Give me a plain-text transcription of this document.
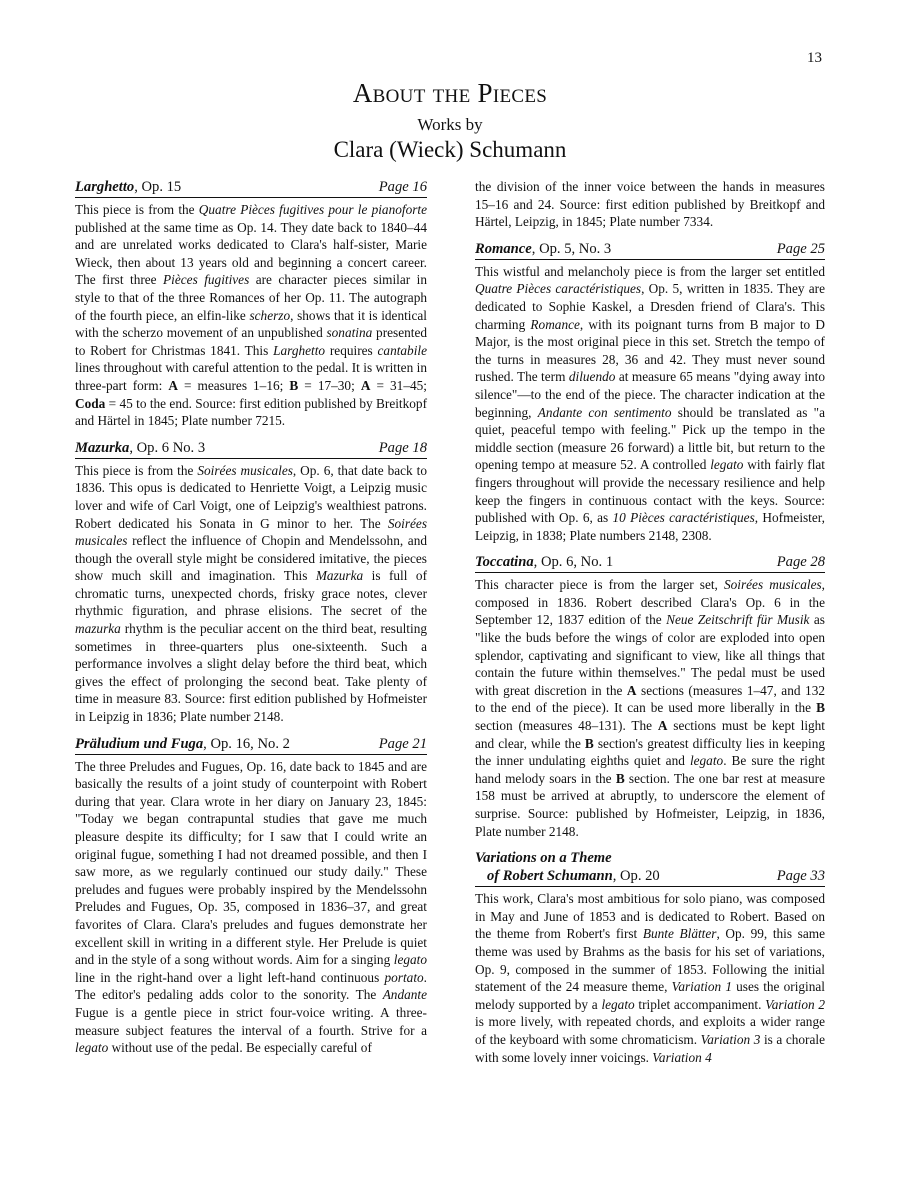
13
About the Pieces

Works by

Clara (Wieck) Schumann

Larghetto, Op. 15	Page 16

This piece is from the Quatre Pièces fugitives pour le pianoforte published at the same time as Op. 14. They date back to 1840–44 and are unrelated works dedicated to Clara's half-sister, Marie Wieck, then about 13 years old and beginning a concert career. The first three Pièces fugitives are character pieces similar in style to that of the three Romances of her Op. 11. The autograph of the fourth piece, an elfin-like scherzo, shows that it is identical with the scherzo movement of an unpublished sonatina presented to Robert for Christmas 1841. This Larghetto requires cantabile lines throughout with careful attention to the pedal. It is written in three-part form: A = measures 1–16; B = 17–30; A = 31–45; Coda = 45 to the end. Source: first edition published by Breitkopf and Härtel in 1845; Plate number 7215.

Mazurka, Op. 6 No. 3	Page 18

This piece is from the Soirées musicales, Op. 6, that date back to 1836. This opus is dedicated to Henriette Voigt, a Leipzig music lover and wife of Carl Voigt, one of Leipzig's wealthiest patrons. Robert dedicated his Sonata in G minor to her. The Soirées musicales reflect the influence of Chopin and Mendelssohn, and though the overall style might be considered imitative, the pieces show much skill and imagination. This Mazurka is full of chromatic turns, unexpected chords, frisky grace notes, clever rhythmic figuration, and phrase elisions. The secret of the mazurka rhythm is the peculiar accent on the third beat, resulting sometimes in three-quarters plus one-sixteenth. Such a performance involves a slight delay before the third beat, which gives the effect of prolonging the second beat. Take plenty of time in measure 83. Source: first edition published by Hofmeister in Leipzig in 1836; Plate number 2148.

Präludium und Fuga, Op. 16, No. 2	Page 21

The three Preludes and Fugues, Op. 16, date back to 1845 and are basically the results of a joint study of counterpoint with Robert during that year. Clara wrote in her diary on January 23, 1845: "Today we began contrapuntal studies that gave me much pleasure despite its difficulty; for I saw that I could write an original fugue, something I had not dreamed possible, and then I saw more, as we regularly continued our study daily." These preludes and fugues were probably inspired by the Mendelssohn Preludes and Fugues, Op. 35, composed in 1836–37, and great favorites of Clara. Clara's preludes and fugues demonstrate her excellent skill in writing in a different style. Her Prelude is quiet and in the style of a song without words. Aim for a singing legato line in the right-hand over a light left-hand continuous portato. The editor's pedaling adds color to the sonority. The Andante Fugue is a gentle piece in strict four-voice writing. A three-measure subject features the interval of a fourth. Strive for a legato without use of the pedal. Be especially careful of

the division of the inner voice between the hands in measures 15–16 and 24. Source: first edition published by Breitkopf and Härtel, Leipzig, in 1845; Plate number 7334.

Romance, Op. 5, No. 3	Page 25

This wistful and melancholy piece is from the larger set entitled Quatre Pièces caractéristiques, Op. 5, written in 1835. They are dedicated to Sophie Kaskel, a Dresden friend of Clara's. This charming Romance, with its poignant turns from B major to D Major, is the most original piece in this set. Stretch the tempo of the turns in measures 28, 36 and 42. They must never sound rushed. The term diluendo at measure 65 means "dying away into silence"—to the end of the piece. The character indication at the beginning, Andante con sentimento should be translated as "a quiet, peaceful tempo with feeling." Pick up the tempo in the middle section (measure 26 forward) a little bit, but return to the opening tempo at measure 52. A controlled legato with fairly flat fingers throughout will provide the necessary resilience and help keep the fingers in continuous contact with the keys. Source: published with Op. 6, as 10 Pièces caractéristiques, Hofmeister, Leipzig, in 1838; Plate numbers 2148, 2308.

Toccatina, Op. 6, No. 1	Page 28

This character piece is from the larger set, Soirées musicales, composed in 1836. Robert described Clara's Op. 6 in the September 12, 1837 edition of the Neue Zeitschrift für Musik as "like the buds before the wings of color are exploded into open splendor, captivating and significant to view, like all things that contain the future within themselves." The pedal must be used with great discretion in the A sections (measures 1–47, and 132 to the end of the piece). It can be used more liberally in the B section (measures 48–131). The A sections must be kept light and clear, while the B section's greatest difficulty lies in keeping the inner undulating eighths quiet and legato. Be sure the right hand melody soars in the B section. The one bar rest at measure 158 must be arrived at abruptly, to underscore the element of surprise. Source: published by Hofmeister, Leipzig, in 1836, Plate number 2148.

Variations on a Theme
of Robert Schumann, Op. 20	Page 33

This work, Clara's most ambitious for solo piano, was composed in May and June of 1853 and is dedicated to Robert. Based on the theme from Robert's first Bunte Blätter, Op. 99, this same theme was used by Brahms as the basis for his set of variations, Op. 9, composed in the summer of 1853. Following the initial statement of the 24 measure theme, Variation 1 uses the original melody supported by a legato triplet accompaniment. Variation 2 is more lively, with repeated chords, and exploits a wider range of the keyboard with some chromaticism. Variation 3 is a chorale with some lovely inner voicings. Variation 4
